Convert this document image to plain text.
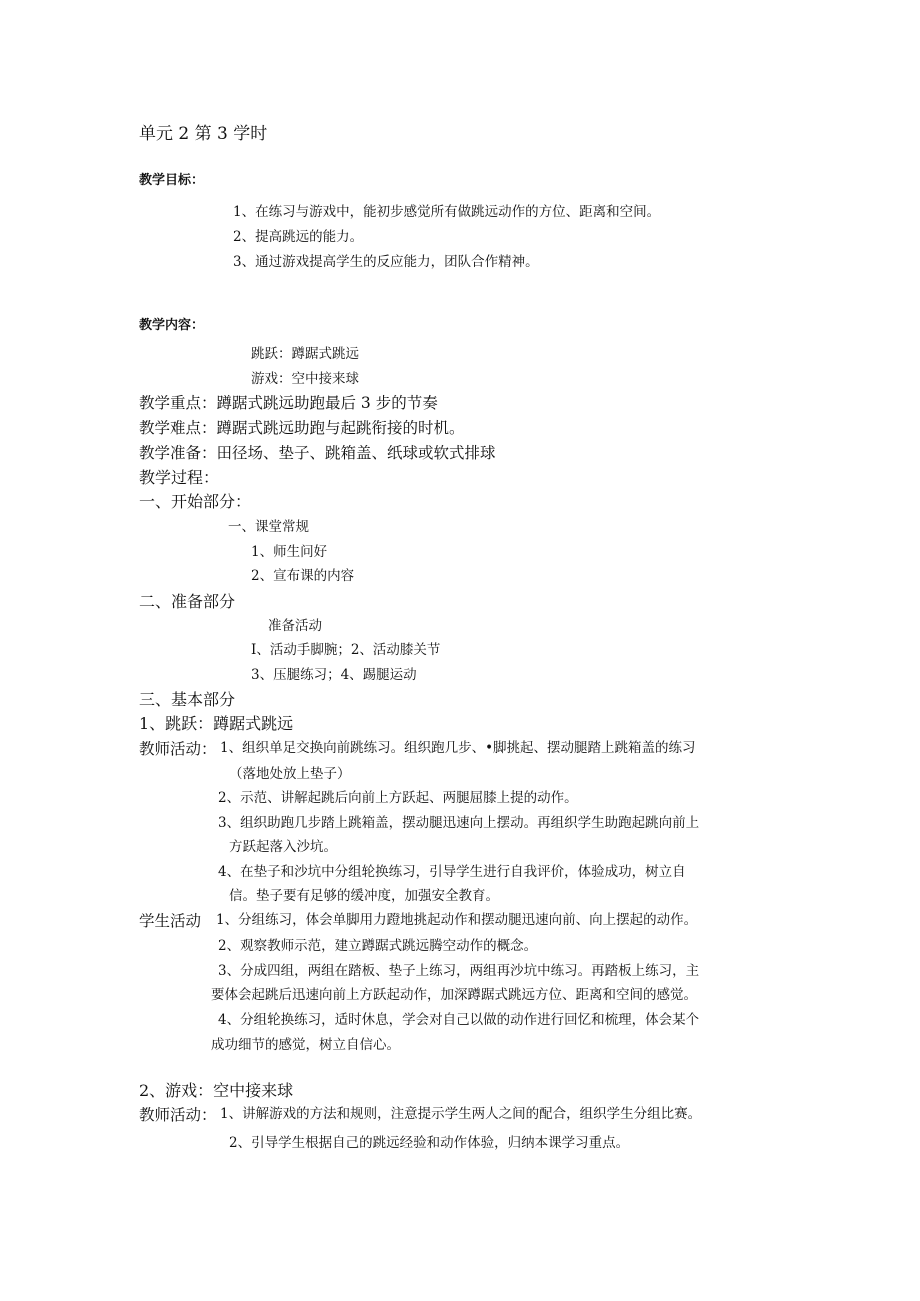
单元 2 第 3 学时
教学目标：
1、在练习与游戏中，能初步感觉所有做跳远动作的方位、距离和空间。
2、提高跳远的能力。
3、通过游戏提高学生的反应能力，团队合作精神。
教学内容：
跳跃：蹲踞式跳远
游戏：空中接来球
教学重点：蹲踞式跳远助跑最后 3 步的节奏
教学难点：蹲踞式跳远助跑与起跳衔接的时机。
教学准备：田径场、垫子、跳箱盖、纸球或软式排球
教学过程：
一、开始部分：
一、课堂常规
1、师生问好
2、宣布课的内容
二、准备部分
准备活动
I、活动手脚腕；2、活动膝关节
3、压腿练习；4、踢腿运动
三、基本部分
1、跳跃：蹲踞式跳远
教师活动： 1、组织单足交换向前跳练习。组织跑几步、•脚挑起、摆动腿踏上跳箱盖的练习
（落地处放上垫子）
2、示范、讲解起跳后向前上方跃起、两腿屈膝上提的动作。
3、组织助跑几步踏上跳箱盖，摆动腿迅速向上摆动。再组织学生助跑起跳向前上
方跃起落入沙坑。
4、在垫子和沙坑中分组轮换练习，引导学生进行自我评价，体验成功，树立自
信。垫子要有足够的缓冲度，加强安全教育。
学生活动 1、分组练习，体会单脚用力蹬地挑起动作和摆动腿迅速向前、向上摆起的动作。
2、观察教师示范，建立蹲踞式跳远腾空动作的概念。
3、分成四组，两组在踏板、垫子上练习，两组再沙坑中练习。再踏板上练习，主
要体会起跳后迅速向前上方跃起动作，加深蹲踞式跳远方位、距离和空间的感觉。
4、分组轮换练习，适时休息，学会对自己以做的动作进行回忆和梳理，体会某个
成功细节的感觉，树立自信心。
2、游戏：空中接来球
教师活动： 1、讲解游戏的方法和规则，注意提示学生两人之间的配合，组织学生分组比赛。
2、引导学生根据自己的跳远经验和动作体验，归纳本课学习重点。
